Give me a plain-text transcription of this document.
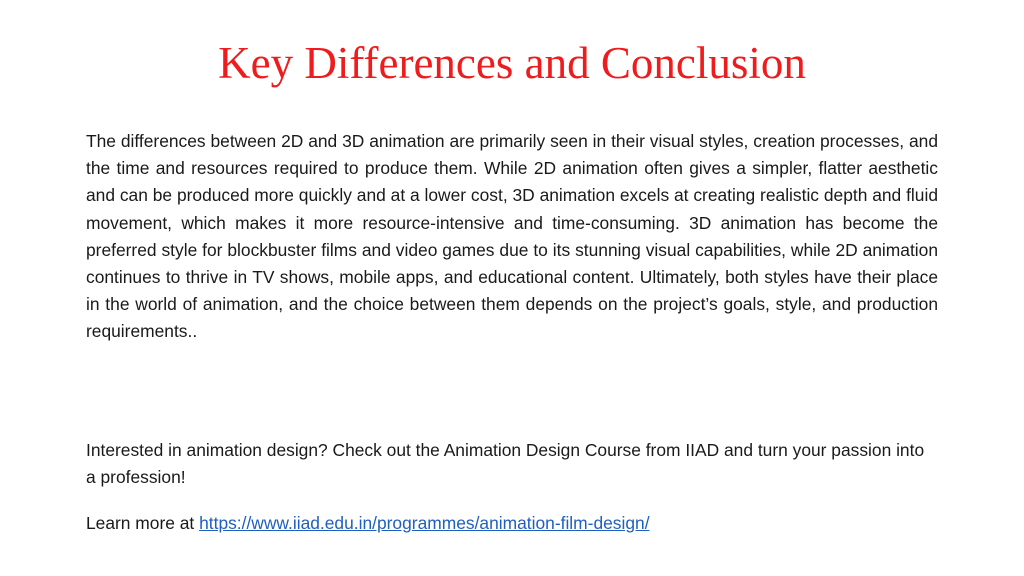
Key Differences and Conclusion

The differences between 2D and 3D animation are primarily seen in their visual styles, creation processes, and the time and resources required to produce them. While 2D animation often gives a simpler, flatter aesthetic and can be produced more quickly and at a lower cost, 3D animation excels at creating realistic depth and fluid movement, which makes it more resource-intensive and time-consuming. 3D animation has become the preferred style for blockbuster films and video games due to its stunning visual capabilities, while 2D animation continues to thrive in TV shows, mobile apps, and educational content. Ultimately, both styles have their place in the world of animation, and the choice between them depends on the project’s goals, style, and production requirements..

Interested in animation design? Check out the Animation Design Course from IIAD and turn your passion into a profession!

Learn more at https://www.iiad.edu.in/programmes/animation-film-design/
